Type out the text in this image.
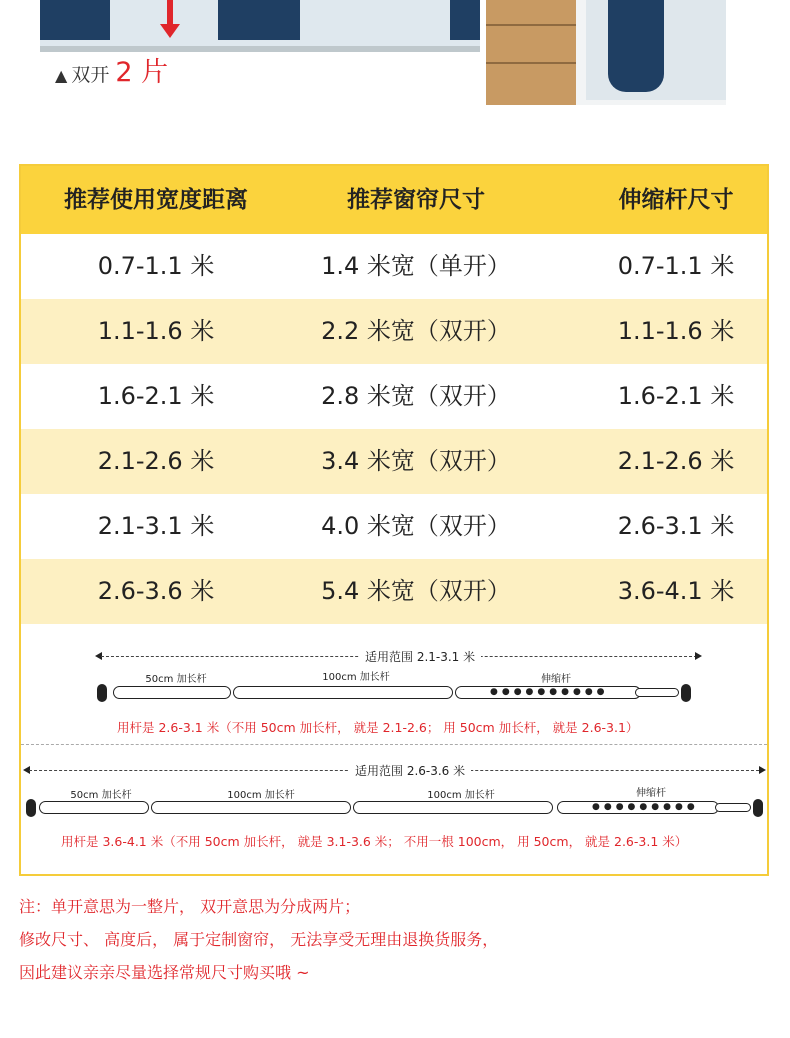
▲ 双开 2 片
推荐使用宽度距离	推荐窗帘尺寸	伸缩杆尺寸
0.7-1.1 米	1.4 米宽（单开）	0.7-1.1 米
1.1-1.6 米	2.2 米宽（双开）	1.1-1.6 米
1.6-2.1 米	2.8 米宽（双开）	1.6-2.1 米
2.1-2.6 米	3.4 米宽（双开）	2.1-2.6 米
2.1-3.1 米	4.0 米宽（双开）	2.6-3.1 米
2.6-3.6 米	5.4 米宽（双开）	3.6-4.1 米
适用范围 2.1-3.1 米
50cm 加长杆	100cm 加长杆	伸缩杆
●●●●●●●●●●
用杆是 2.6-3.1 米（不用 50cm 加长杆， 就是 2.1-2.6； 用 50cm 加长杆， 就是 2.6-3.1）
适用范围 2.6-3.6 米
50cm 加长杆	100cm 加长杆	100cm 加长杆	伸缩杆
●●●●●●●●●
用杆是 3.6-4.1 米（不用 50cm 加长杆， 就是 3.1-3.6 米； 不用一根 100cm， 用 50cm， 就是 2.6-3.1 米）
注：单开意思为一整片， 双开意思为分成两片；
修改尺寸、 高度后， 属于定制窗帘， 无法享受无理由退换货服务，
因此建议亲亲尽量选择常规尺寸购买哦 ~
